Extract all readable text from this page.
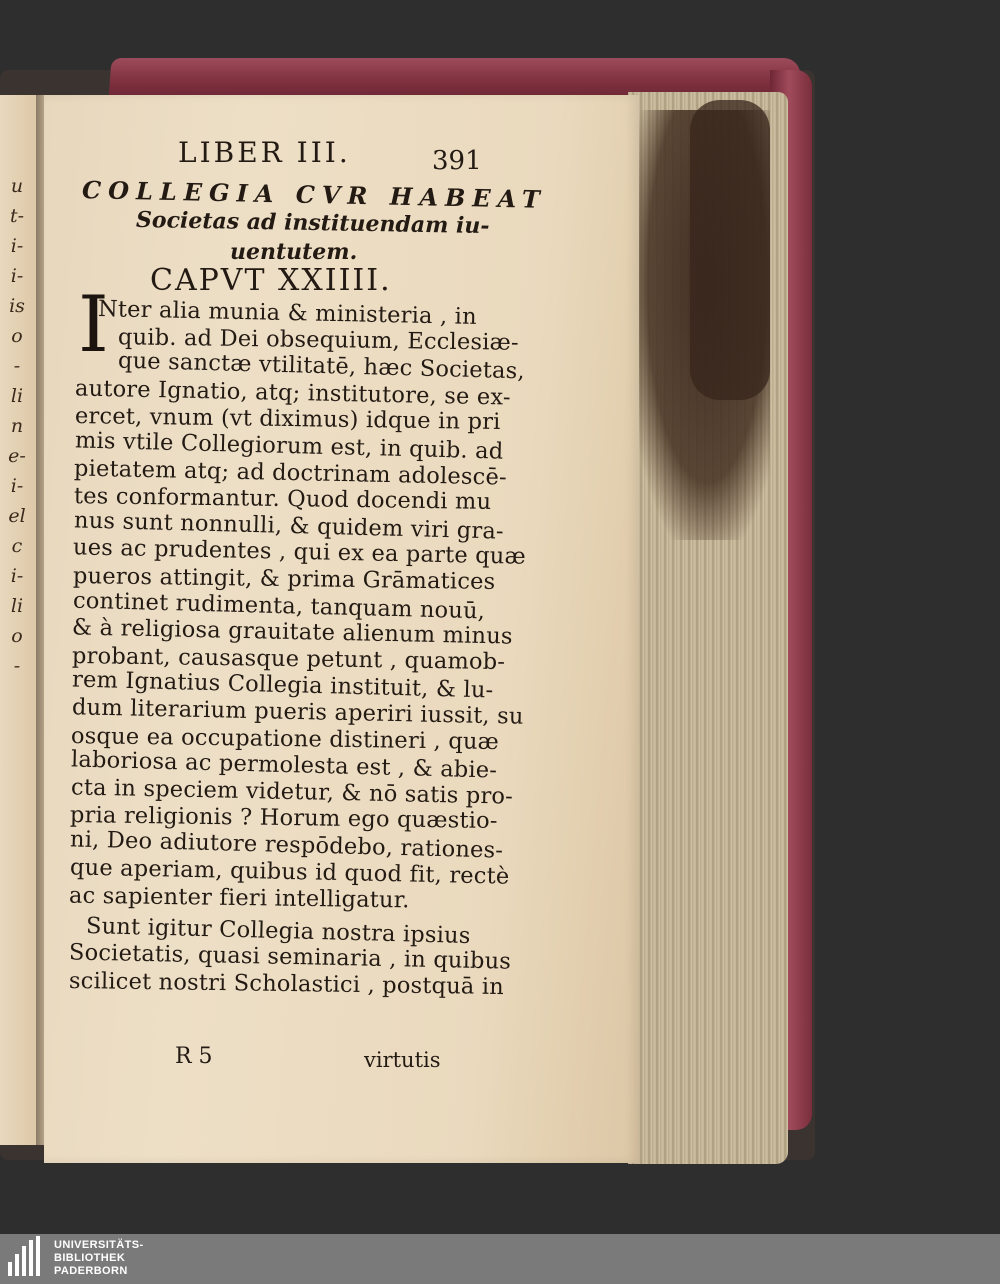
u
t-
i-
i-
is
o
-
li
n
e-
i-
el
c
i-
li
o
-
LIBER III.	391
COLLEGIA CVR HABEAT
Societas ad instituendam iu-
uentutem.
CAPVT XXIIII.
I
Nter alia munia & ministeria , in
quib. ad Dei obsequium, Ecclesiæ-
que sanctæ vtilitatē, hæc Societas,
autore Ignatio, atq; institutore, se ex-
ercet, vnum (vt diximus) idque in pri
mis vtile Collegiorum est, in quib. ad
pietatem atq; ad doctrinam adolescē-
tes conformantur. Quod docendi mu
nus sunt nonnulli, & quidem viri gra-
ues ac prudentes , qui ex ea parte quæ
pueros attingit, & prima Grāmatices
continet rudimenta, tanquam nouū,
& à religiosa grauitate alienum minus
probant, causasque petunt , quamob-
rem Ignatius Collegia instituit, & lu-
dum literarium pueris aperiri iussit, su
osque ea occupatione distineri , quæ
laboriosa ac permolesta est , & abie-
cta in speciem videtur, & nō satis pro-
pria religionis ? Horum ego quæstio-
ni, Deo adiutore respōdebo, rationes-
que aperiam, quibus id quod fit, rectè
ac sapienter fieri intelligatur.
Sunt igitur Collegia nostra ipsius
Societatis, quasi seminaria , in quibus
scilicet nostri Scholastici , postquā in
R 5	virtutis
UNIVERSITÄTS-
BIBLIOTHEK
PADERBORN
